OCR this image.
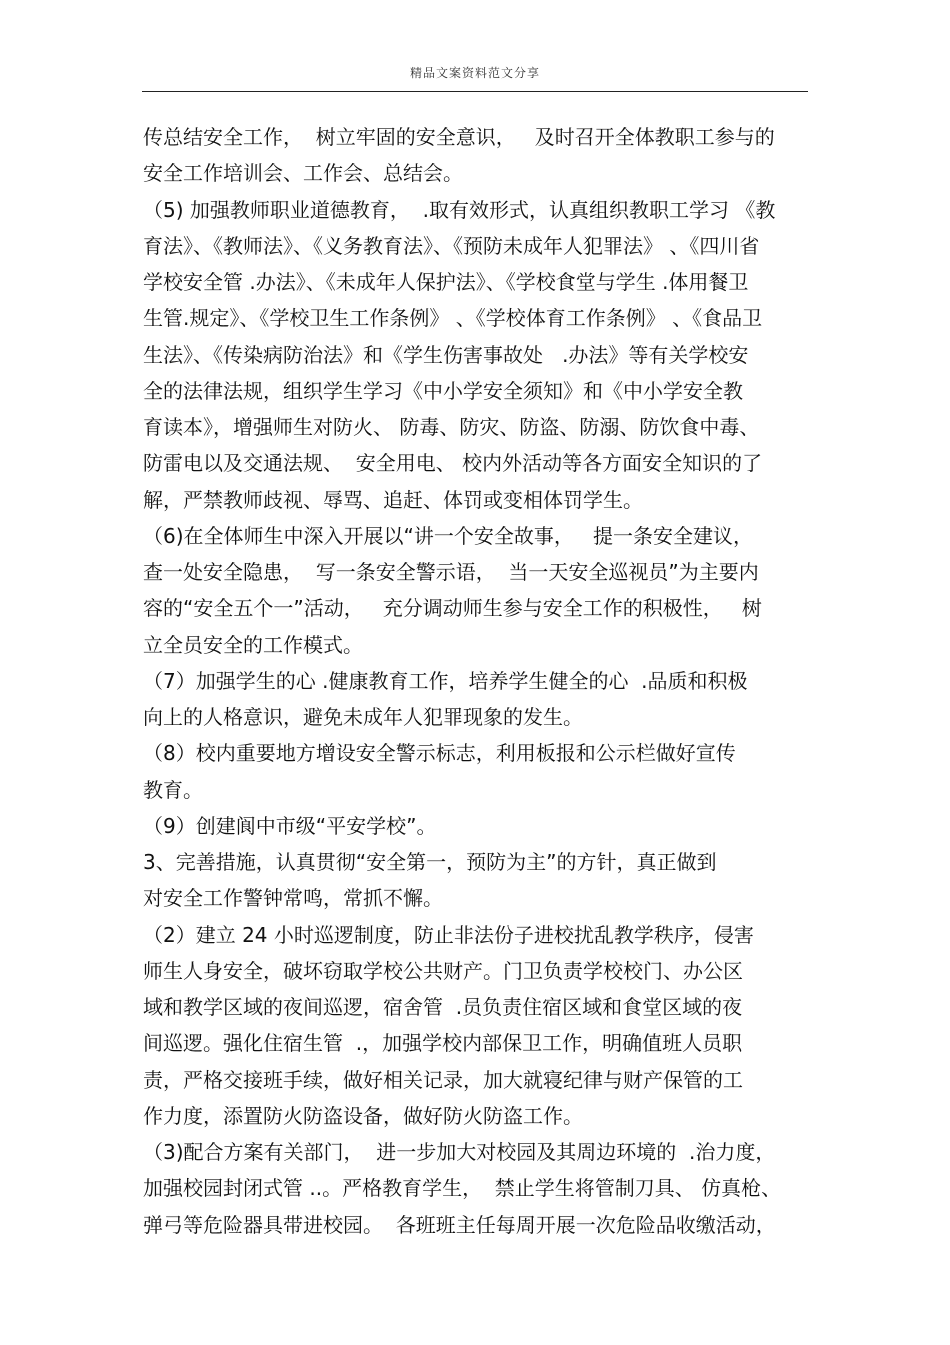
精品文案资料范文分享
传总结安全工作，  树立牢固的安全意识，   及时召开全体教职工参与的
安全工作培训会、工作会、总结会。
（5) 加强教师职业道德教育，  .取有效形式，认真组织教职工学习 《教
育法》、《教师法》、《义务教育法》、《预防未成年人犯罪法》 、《四川省
学校安全管 .办法》、《未成年人保护法》、《学校食堂与学生 .体用餐卫
生管.规定》、《学校卫生工作条例》 、《学校体育工作条例》 、《食品卫
生法》、《传染病防治法》和《学生伤害事故处   .办法》等有关学校安
全的法律法规，组织学生学习《中小学安全须知》和《中小学安全教
育读本》，增强师生对防火、 防毒、防灾、防盗、防溺、防饮食中毒、
防雷电以及交通法规、  安全用电、 校内外活动等各方面安全知识的了
解，严禁教师歧视、辱骂、追赶、体罚或变相体罚学生。
（6)在全体师生中深入开展以“讲一个安全故事，   提一条安全建议，
查一处安全隐患，  写一条安全警示语，  当一天安全巡视员”为主要内
容的“安全五个一”活动，   充分调动师生参与安全工作的积极性，   树
立全员安全的工作模式。
（7）加强学生的心 .健康教育工作，培养学生健全的心  .品质和积极
向上的人格意识，避免未成年人犯罪现象的发生。
（8）校内重要地方增设安全警示标志，利用板报和公示栏做好宣传
教育。
（9）创建阆中市级“平安学校”。
3、完善措施，认真贯彻“安全第一，预防为主”的方针，真正做到
对安全工作警钟常鸣，常抓不懈。
（2）建立 24 小时巡逻制度，防止非法份子进校扰乱教学秩序，侵害
师生人身安全，破坏窃取学校公共财产。门卫负责学校校门、办公区
域和教学区域的夜间巡逻，宿舍管  .员负责住宿区域和食堂区域的夜
间巡逻。强化住宿生管  .，加强学校内部保卫工作，明确值班人员职
责，严格交接班手续，做好相关记录，加大就寝纪律与财产保管的工
作力度，添置防火防盗设备，做好防火防盗工作。
（3)配合方案有关部门，  进一步加大对校园及其周边环境的  .治力度，
加强校园封闭式管 ..。严格教育学生，  禁止学生将管制刀具、 仿真枪、
弹弓等危险器具带进校园。  各班班主任每周开展一次危险品收缴活动，
